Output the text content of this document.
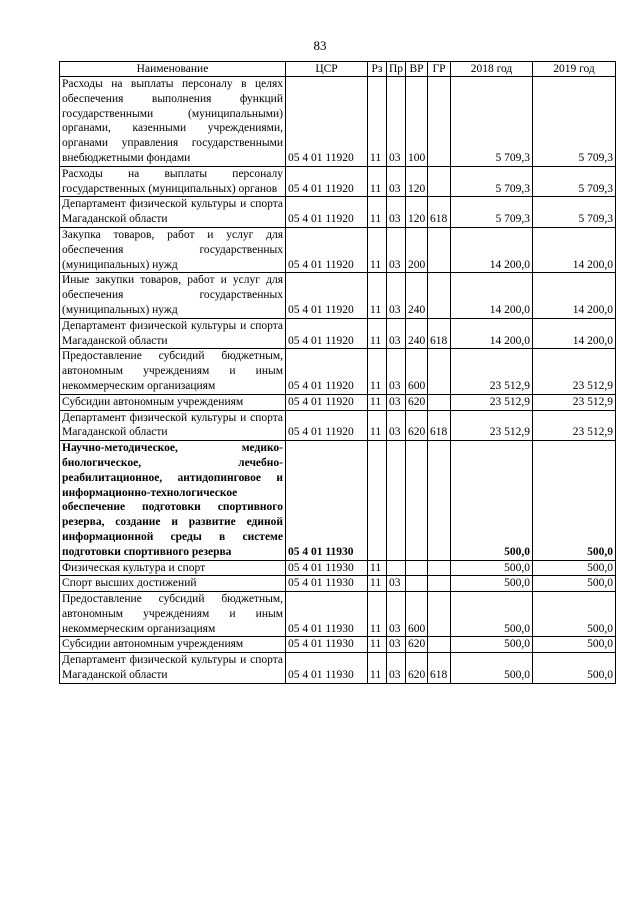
83
Наименование	ЦСР	Рз	Пр	ВР	ГР	2018 год	2019 год
Расходы на выплаты персоналу в целях обеспечения выполнения функций государственными (муниципальными) органами, казенными учреждениями, органами управления государственными внебюджетными фондами	05 4 01 11920	11	03	100		5 709,3	5 709,3
Расходы на выплаты персоналу государственных (муниципальных) органов	05 4 01 11920	11	03	120		5 709,3	5 709,3
Департамент физической культуры и спорта Магаданской области	05 4 01 11920	11	03	120	618	5 709,3	5 709,3
Закупка товаров, работ и услуг для обеспечения государственных (муниципальных) нужд	05 4 01 11920	11	03	200		14 200,0	14 200,0
Иные закупки товаров, работ и услуг для обеспечения государственных (муниципальных) нужд	05 4 01 11920	11	03	240		14 200,0	14 200,0
Департамент физической культуры и спорта Магаданской области	05 4 01 11920	11	03	240	618	14 200,0	14 200,0
Предоставление субсидий бюджетным, автономным учреждениям и иным некоммерческим организациям	05 4 01 11920	11	03	600		23 512,9	23 512,9
Субсидии автономным учреждениям	05 4 01 11920	11	03	620		23 512,9	23 512,9
Департамент физической культуры и спорта Магаданской области	05 4 01 11920	11	03	620	618	23 512,9	23 512,9
Научно-методическое, медико-биологическое, лечебно-реабилитационное, антидопинговое и информационно-технологическое обеспечение подготовки спортивного резерва, создание и развитие единой информационной среды в системе подготовки спортивного резерва	05 4 01 11930					500,0	500,0
Физическая культура и спорт	05 4 01 11930	11				500,0	500,0
Спорт высших достижений	05 4 01 11930	11	03			500,0	500,0
Предоставление субсидий бюджетным, автономным учреждениям и иным некоммерческим организациям	05 4 01 11930	11	03	600		500,0	500,0
Субсидии автономным учреждениям	05 4 01 11930	11	03	620		500,0	500,0
Департамент физической культуры и спорта Магаданской области	05 4 01 11930	11	03	620	618	500,0	500,0
